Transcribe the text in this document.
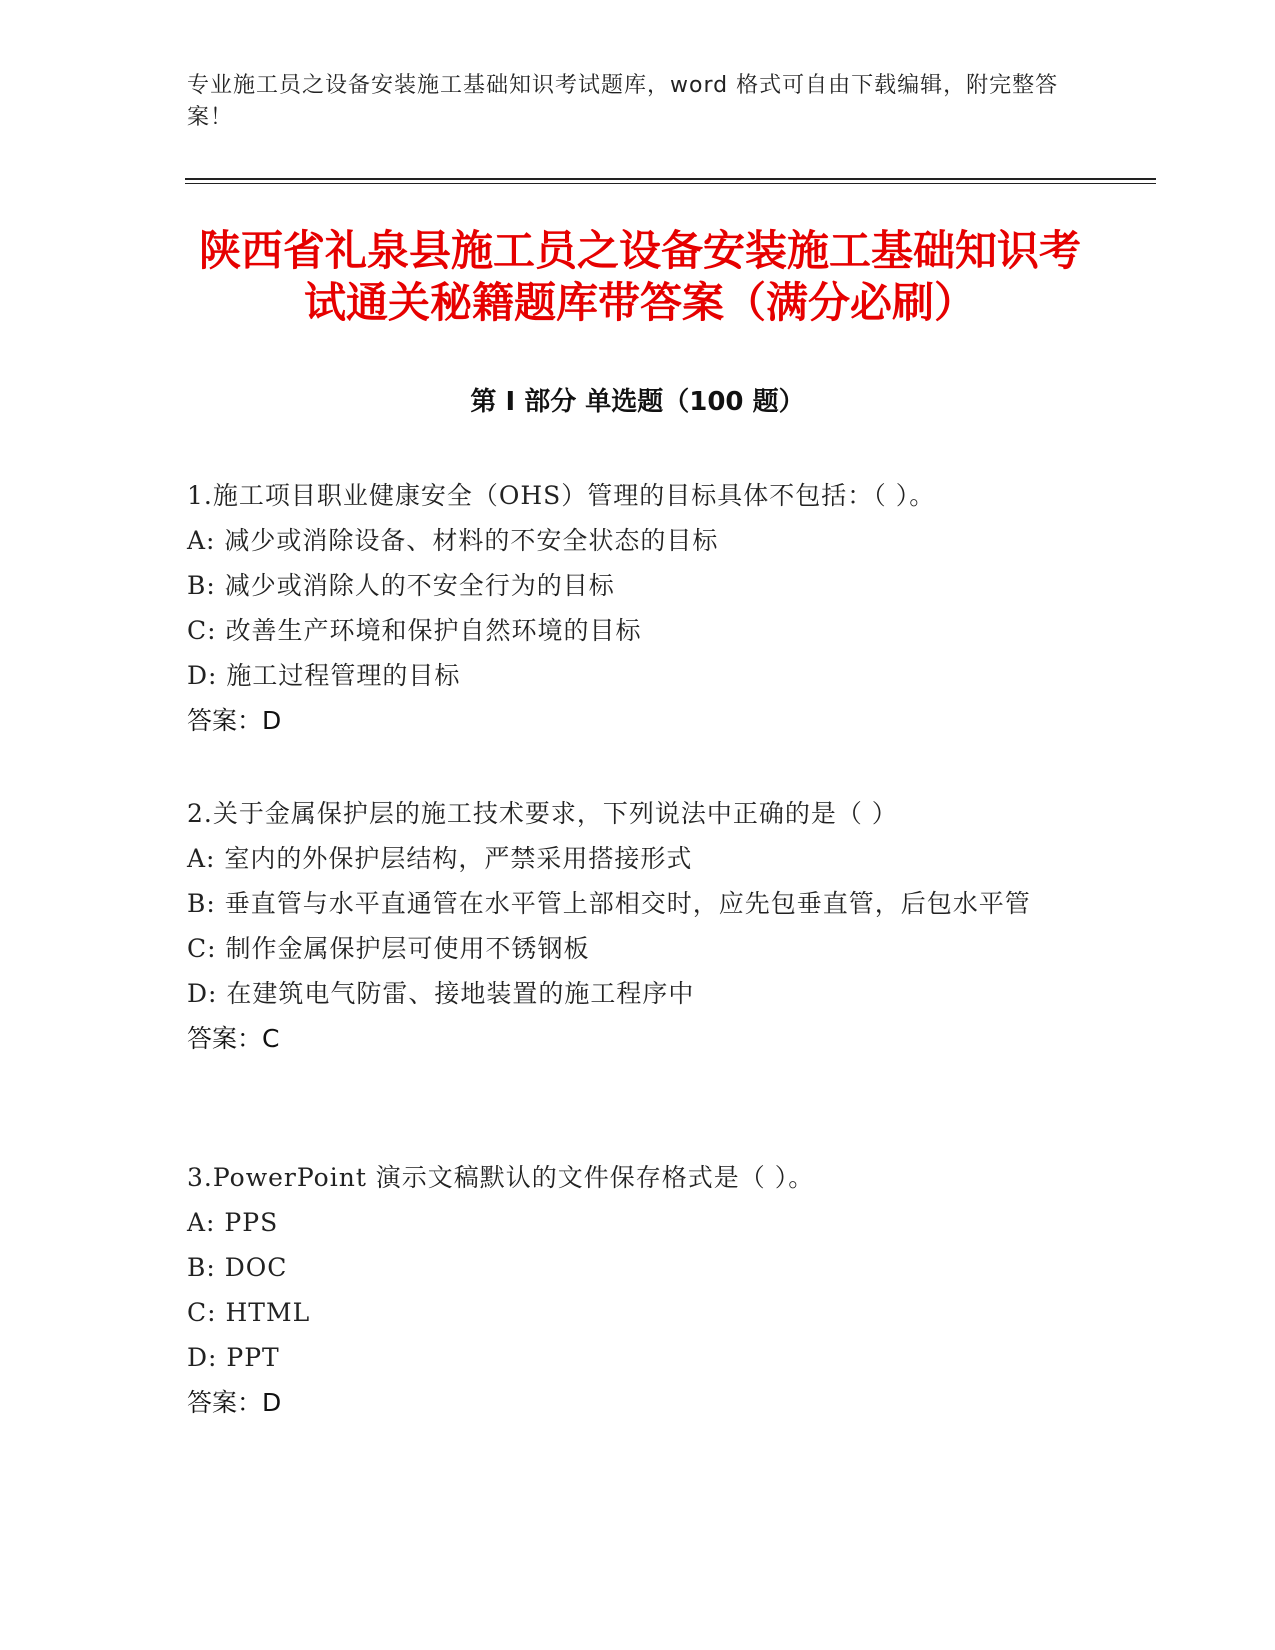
专业施工员之设备安装施工基础知识考试题库，word 格式可自由下载编辑，附完整答案！

陕西省礼泉县施工员之设备安装施工基础知识考试通关秘籍题库带答案（满分必刷）
第 I 部分 单选题（100 题）

1.施工项目职业健康安全（OHS）管理的目标具体不包括：（ ）。

A: 减少或消除设备、材料的不安全状态的目标

B: 减少或消除人的不安全行为的目标

C: 改善生产环境和保护自然环境的目标

D: 施工过程管理的目标

答案：D

2.关于金属保护层的施工技术要求，下列说法中正确的是（ ）

A: 室内的外保护层结构，严禁采用搭接形式

B: 垂直管与水平直通管在水平管上部相交时，应先包垂直管，后包水平管

C: 制作金属保护层可使用不锈钢板

D: 在建筑电气防雷、接地装置的施工程序中

答案：C

3.PowerPoint 演示文稿默认的文件保存格式是（ ）。

A: PPS

B: DOC

C: HTML

D: PPT

答案：D
